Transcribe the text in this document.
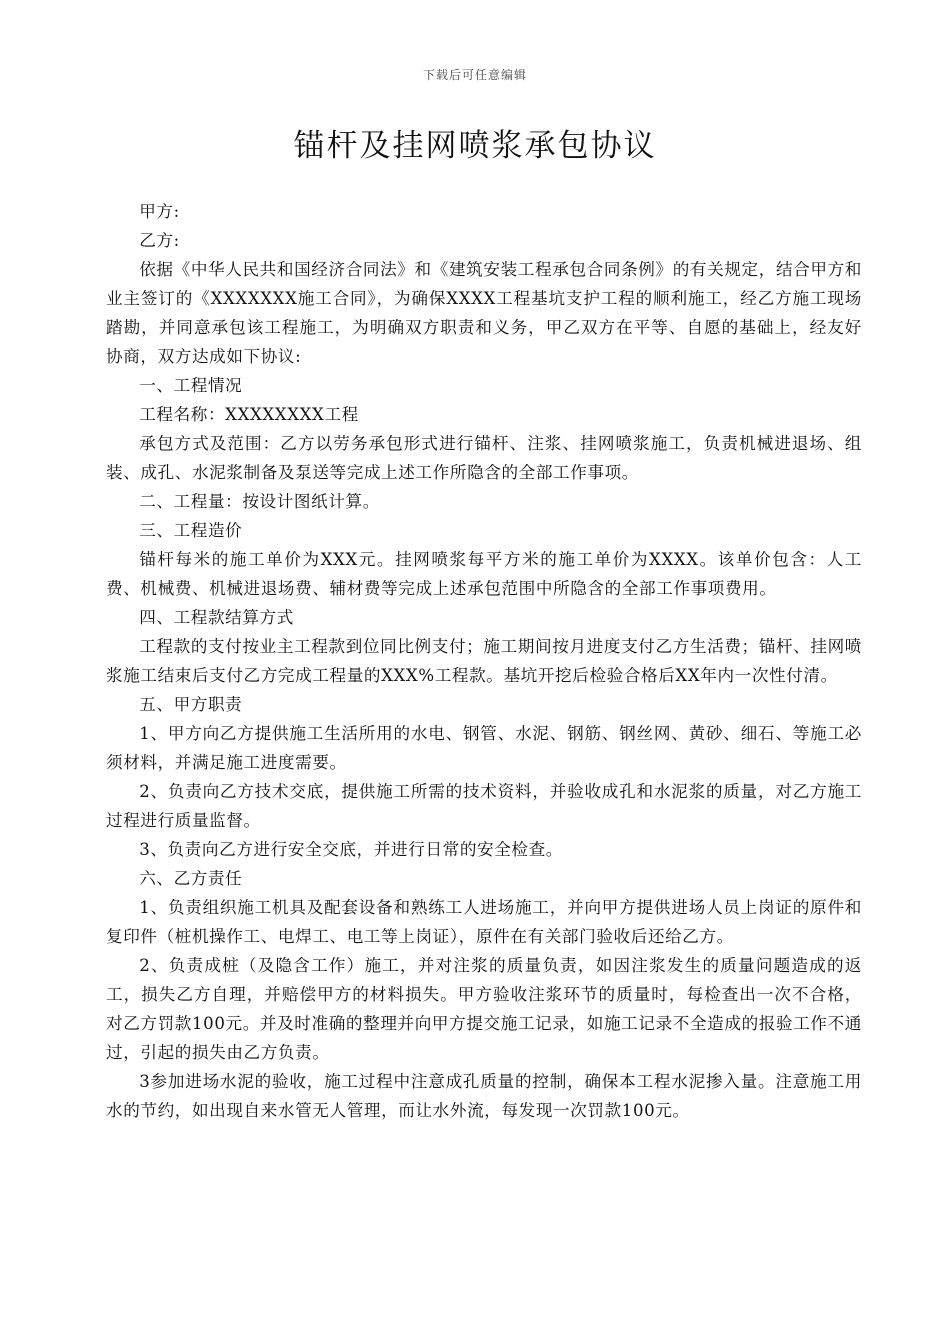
下载后可任意编辑
锚杆及挂网喷浆承包协议

甲方:

乙方:

依据《中华人民共和国经济合同法》和《建筑安装工程承包合同条例》的有关规定，结合甲方和业主签订的《XXXXXXX施工合同》，为确保XXXX工程基坑支护工程的顺利施工，经乙方施工现场踏勘，并同意承包该工程施工，为明确双方职责和义务，甲乙双方在平等、自愿的基础上，经友好协商，双方达成如下协议:

一、工程情况

工程名称：XXXXXXXX工程

承包方式及范围：乙方以劳务承包形式进行锚杆、注浆、挂网喷浆施工，负责机械进退场、组装、成孔、水泥浆制备及泵送等完成上述工作所隐含的全部工作事项。

二、工程量：按设计图纸计算。

三、工程造价

锚杆每米的施工单价为XXX元。挂网喷浆每平方米的施工单价为XXXX。该单价包含：人工费、机械费、机械进退场费、辅材费等完成上述承包范围中所隐含的全部工作事项费用。

四、工程款结算方式

工程款的支付按业主工程款到位同比例支付；施工期间按月进度支付乙方生活费；锚杆、挂网喷浆施工结束后支付乙方完成工程量的XXX%工程款。基坑开挖后检验合格后XX年内一次性付清。

五、甲方职责

1、甲方向乙方提供施工生活所用的水电、钢管、水泥、钢筋、钢丝网、黄砂、细石、等施工必须材料，并满足施工进度需要。

2、负责向乙方技术交底，提供施工所需的技术资料，并验收成孔和水泥浆的质量，对乙方施工过程进行质量监督。

3、负责向乙方进行安全交底，并进行日常的安全检查。

六、乙方责任

1、负责组织施工机具及配套设备和熟练工人进场施工，并向甲方提供进场人员上岗证的原件和复印件（桩机操作工、电焊工、电工等上岗证），原件在有关部门验收后还给乙方。

2、负责成桩（及隐含工作）施工，并对注浆的质量负责，如因注浆发生的质量问题造成的返工，损失乙方自理，并赔偿甲方的材料损失。甲方验收注浆环节的质量时，每检查出一次不合格，对乙方罚款100元。并及时准确的整理并向甲方提交施工记录，如施工记录不全造成的报验工作不通过，引起的损失由乙方负责。

3参加进场水泥的验收，施工过程中注意成孔质量的控制，确保本工程水泥掺入量。注意施工用水的节约，如出现自来水管无人管理，而让水外流，每发现一次罚款100元。
